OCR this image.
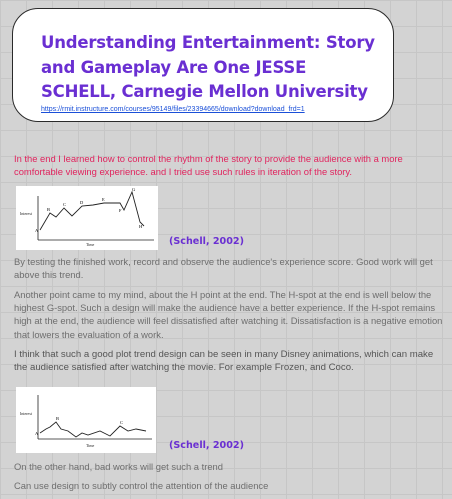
Understanding Entertainment: Story and Gameplay Are One JESSE SCHELL, Carnegie Mellon University
https://rmit.instructure.com/courses/95149/files/23394665/download?download_frd=1
In the end I learned how to control the rhythm of the story to provide the audience with a more comfortable viewing experience. and I tried use such rules in iteration of the story.
Interest
Time
A
B
C	D
E
F
G
H
(Schell, 2002)
By testing the finished work, record and observe the audience's experience score. Good work will get above this trend.
Another point came to my mind, about the H point at the end. The H-spot at the end is well below the highest G-spot. Such a design will make the audience have a better experience. If the H-spot remains high at the end, the audience will feel dissatisfied after watching it. Dissatisfaction is a negative emotion that lowers the evaluation of a work.
I think that such a good plot trend design can be seen in many Disney animations, which can make the audience satisfied after watching the movie. For example Frozen, and Coco.
Interest
Time
A
B
C
(Schell, 2002)
On the other hand, bad works will get such a trend
Can use design to subtly control the attention of the audience
